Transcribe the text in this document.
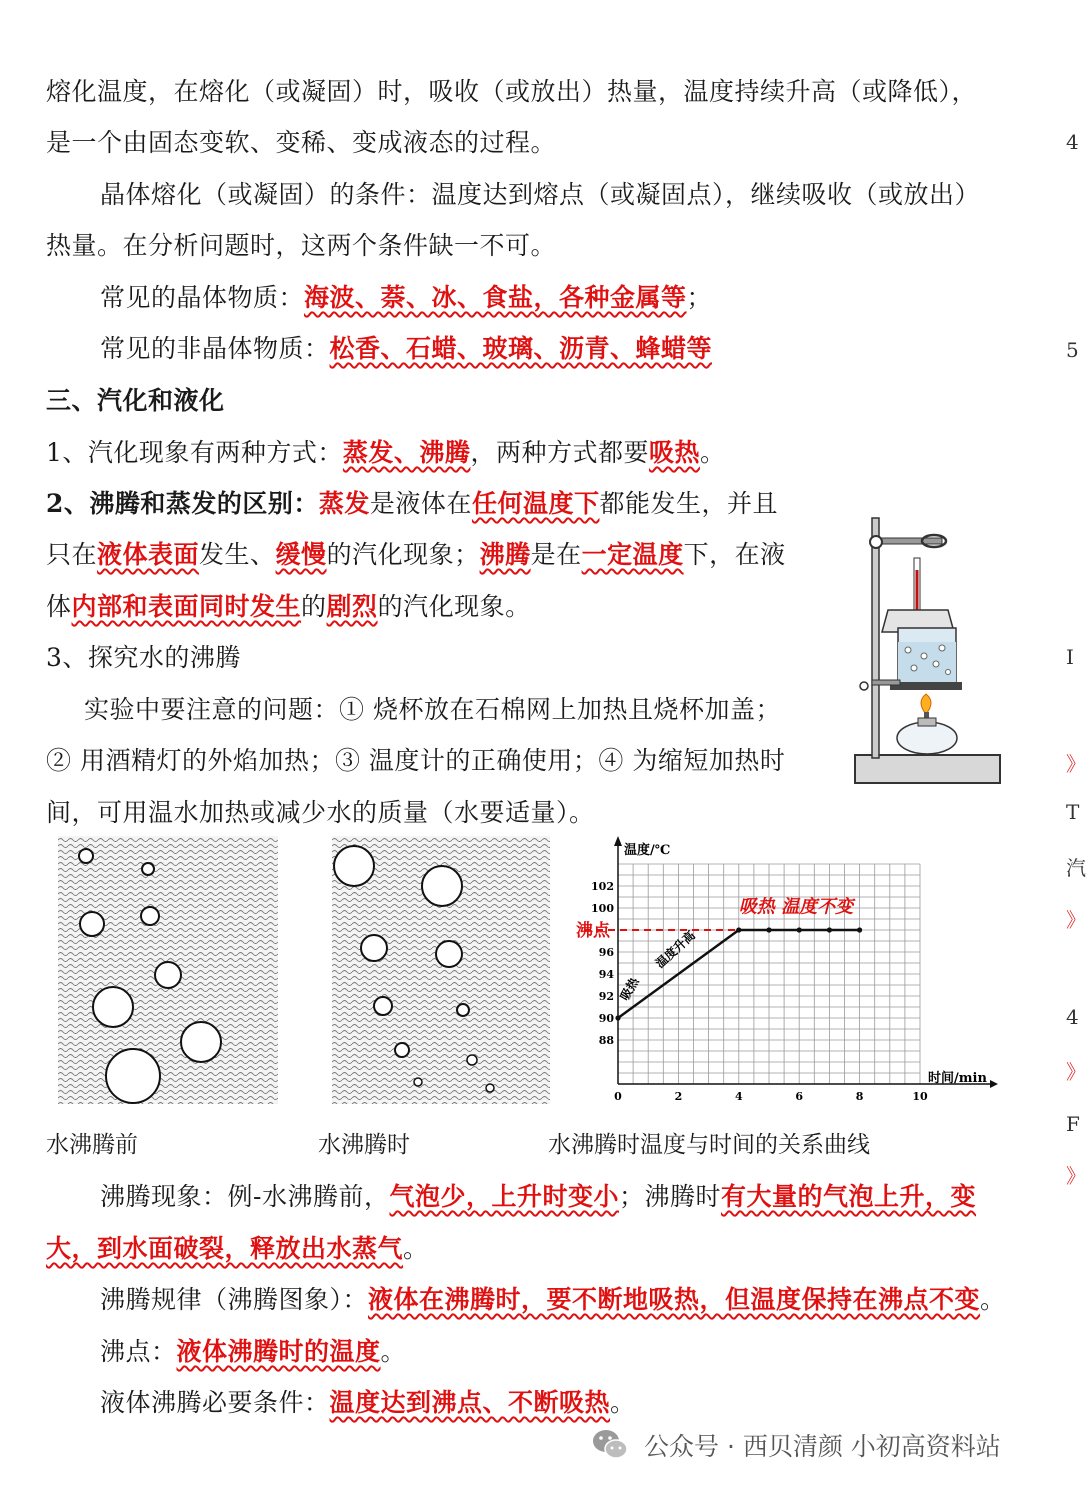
熔化温度，在熔化（或凝固）时，吸收（或放出）热量，温度持续升高（或降低），
是一个由固态变软、变稀、变成液态的过程。
晶体熔化（或凝固）的条件：温度达到熔点（或凝固点），继续吸收（或放出）
热量。在分析问题时，这两个条件缺一不可。
常见的晶体物质：海波、萘、冰、食盐，各种金属等；
常见的非晶体物质：松香、石蜡、玻璃、沥青、蜂蜡等
三、汽化和液化
1、汽化现象有两种方式：蒸发、沸腾，两种方式都要吸热。
2、沸腾和蒸发的区别：蒸发是液体在任何温度下都能发生，并且
只在液体表面发生、缓慢的汽化现象；沸腾是在一定温度下，在液
体内部和表面同时发生的剧烈的汽化现象。
3、探究水的沸腾
实验中要注意的问题：① 烧杯放在石棉网上加热且烧杯加盖；
② 用酒精灯的外焰加热；③ 温度计的正确使用；④ 为缩短加热时
间，可用温水加热或减少水的质量（水要适量）。
温度/℃
时间/min
88
90
92
94
96
100
102
0	2	4	6	8	10
沸点
吸热
温度升高
吸热 温度不变
水沸腾前	水沸腾时	水沸腾时温度与时间的关系曲线
沸腾现象：例-水沸腾前，气泡少，上升时变小；沸腾时有大量的气泡上升，变
大，到水面破裂，释放出水蒸气。
沸腾规律（沸腾图象）：液体在沸腾时，要不断地吸热，但温度保持在沸点不变。
沸点：液体沸腾时的温度。
液体沸腾必要条件：温度达到沸点、不断吸热。
4
5
I
》
T
汽
》
4
》
F
》
公众号 · 西贝清颜 小初高资料站
